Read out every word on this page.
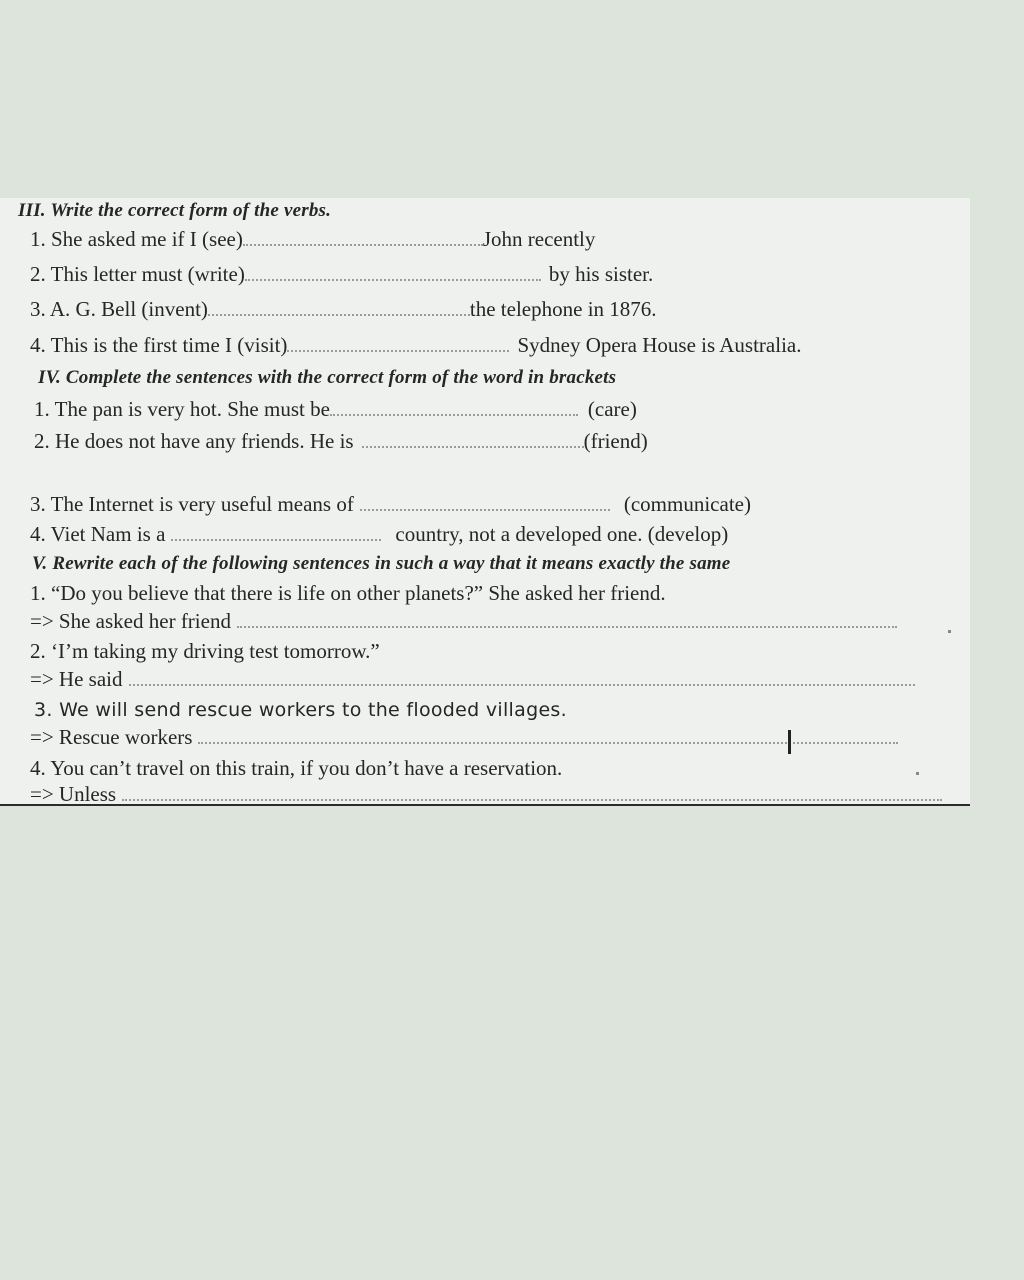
III. Write the correct form of the verbs.
1. She asked me if I (see)	John recently
2. This letter must (write)	by his sister.
3. A. G. Bell (invent)	the telephone in 1876.
4. This is the first time I (visit)	Sydney Opera House is Australia.
IV. Complete the sentences with the correct form of the word in brackets
1. The pan is very hot. She must be	(care)
2. He does not have any friends. He is	(friend)
3. The Internet is very useful means of	(communicate)
4. Viet Nam is a	country, not a developed one. (develop)
V. Rewrite each of the following sentences in such a way that it means exactly the same
1. “Do you believe that there is life on other planets?” She asked her friend.
=> She asked her friend
2. ‘I’m taking my driving test tomorrow.”
=> He said
3. We will send rescue workers to the flooded villages.
=> Rescue workers
4. You can’t travel on this train, if you don’t have a reservation.
=> Unless
